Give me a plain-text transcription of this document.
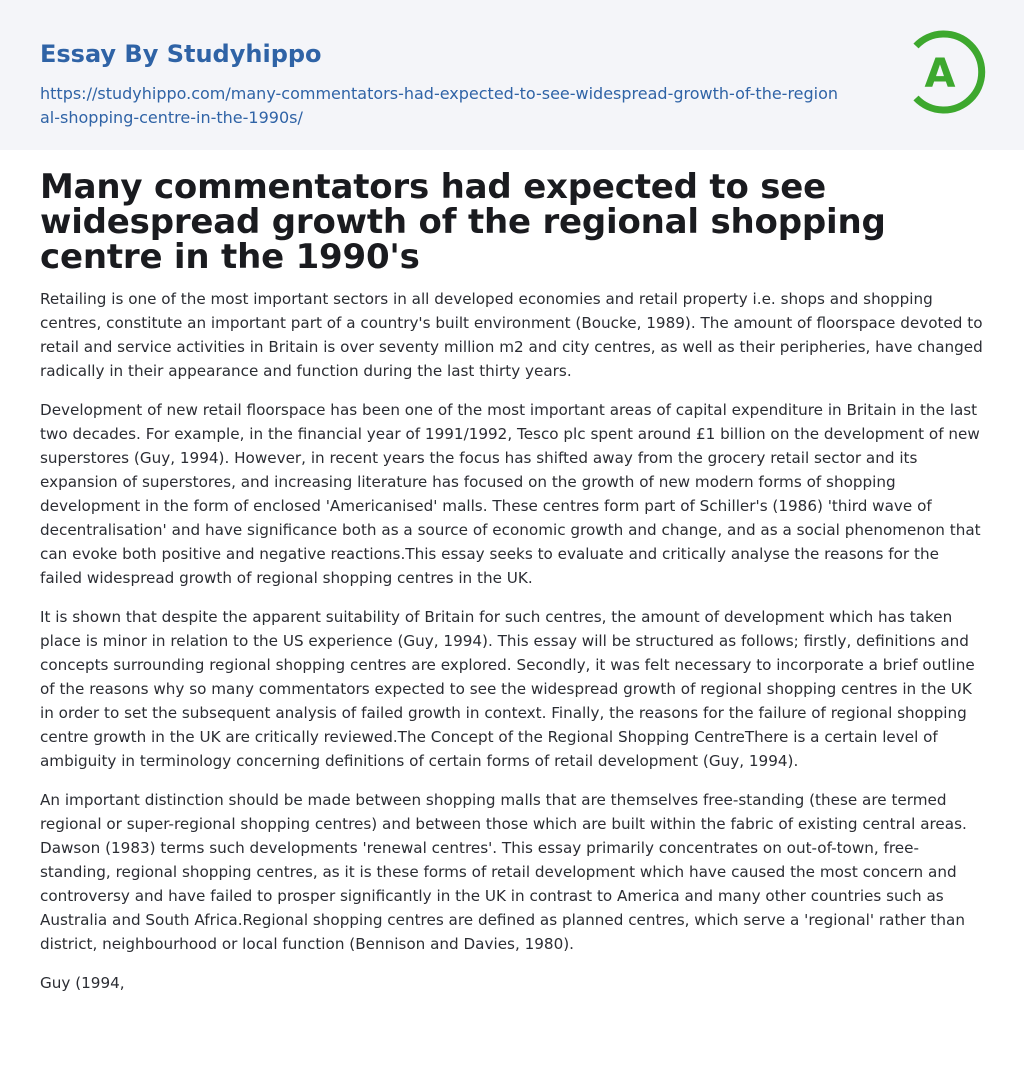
Essay By Studyhippo
https://studyhippo.com/many-commentators-had-expected-to-see-widespread-growth-of-the-regional-shopping-centre-in-the-1990s/
A
Many commentators had expected to see widespread growth of the regional shopping centre in the 1990's

Retailing is one of the most important sectors in all developed economies and retail property i.e. shops and shopping centres, constitute an important part of a country's built environment (Boucke, 1989). The amount of floorspace devoted to retail and service activities in Britain is over seventy million m2 and city centres, as well as their peripheries, have changed radically in their appearance and function during the last thirty years.

Development of new retail floorspace has been one of the most important areas of capital expenditure in Britain in the last two decades. For example, in the financial year of 1991/1992, Tesco plc spent around £1 billion on the development of new superstores (Guy, 1994). However, in recent years the focus has shifted away from the grocery retail sector and its expansion of superstores, and increasing literature has focused on the growth of new modern forms of shopping development in the form of enclosed 'Americanised' malls. These centres form part of Schiller's (1986) 'third wave of decentralisation' and have significance both as a source of economic growth and change, and as a social phenomenon that can evoke both positive and negative reactions.This essay seeks to evaluate and critically analyse the reasons for the failed widespread growth of regional shopping centres in the UK.

It is shown that despite the apparent suitability of Britain for such centres, the amount of development which has taken place is minor in relation to the US experience (Guy, 1994). This essay will be structured as follows; firstly, definitions and concepts surrounding regional shopping centres are explored. Secondly, it was felt necessary to incorporate a brief outline of the reasons why so many commentators expected to see the widespread growth of regional shopping centres in the UK in order to set the subsequent analysis of failed growth in context. Finally, the reasons for the failure of regional shopping centre growth in the UK are critically reviewed.The Concept of the Regional Shopping CentreThere is a certain level of ambiguity in terminology concerning definitions of certain forms of retail development (Guy, 1994).

An important distinction should be made between shopping malls that are themselves free-standing (these are termed regional or super-regional shopping centres) and between those which are built within the fabric of existing central areas. Dawson (1983) terms such developments 'renewal centres'. This essay primarily concentrates on out-of-town, free-standing, regional shopping centres, as it is these forms of retail development which have caused the most concern and controversy and have failed to prosper significantly in the UK in contrast to America and many other countries such as Australia and South Africa.Regional shopping centres are defined as planned centres, which serve a 'regional' rather than district, neighbourhood or local function (Bennison and Davies, 1980).

Guy (1994,
